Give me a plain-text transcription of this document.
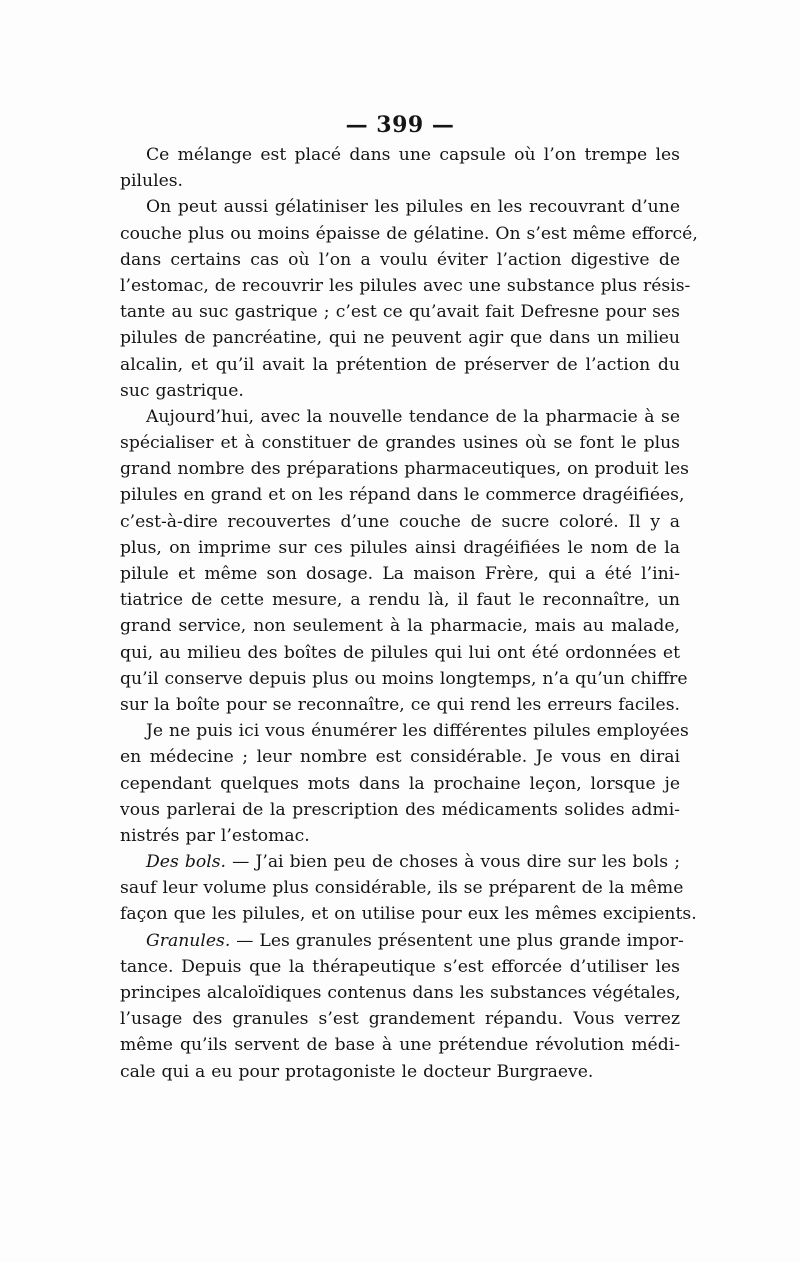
— 399 —
Ce mélange est placé dans une capsule où l’on trempe les
pilules.
On peut aussi gélatiniser les pilules en les recouvrant d’une
couche plus ou moins épaisse de gélatine. On s’est même efforcé,
dans certains cas où l’on a voulu éviter l’action digestive de
l’estomac, de recouvrir les pilules avec une substance plus résis-
tante au suc gastrique ; c’est ce qu’avait fait Defresne pour ses
pilules de pancréatine, qui ne peuvent agir que dans un milieu
alcalin, et qu’il avait la prétention de préserver de l’action du
suc gastrique.
Aujourd’hui, avec la nouvelle tendance de la pharmacie à se
spécialiser et à constituer de grandes usines où se font le plus
grand nombre des préparations pharmaceutiques, on produit les
pilules en grand et on les répand dans le commerce dragéifiées,
c’est-à-dire recouvertes d’une couche de sucre coloré. Il y a
plus, on imprime sur ces pilules ainsi dragéifiées le nom de la
pilule et même son dosage. La maison Frère, qui a été l’ini-
tiatrice de cette mesure, a rendu là, il faut le reconnaître, un
grand service, non seulement à la pharmacie, mais au malade,
qui, au milieu des boîtes de pilules qui lui ont été ordonnées et
qu’il conserve depuis plus ou moins longtemps, n’a qu’un chiffre
sur la boîte pour se reconnaître, ce qui rend les erreurs faciles.
Je ne puis ici vous énumérer les différentes pilules employées
en médecine ; leur nombre est considérable. Je vous en dirai
cependant quelques mots dans la prochaine leçon, lorsque je
vous parlerai de la prescription des médicaments solides admi-
nistrés par l’estomac.
Des bols. — J’ai bien peu de choses à vous dire sur les bols ;
sauf leur volume plus considérable, ils se préparent de la même
façon que les pilules, et on utilise pour eux les mêmes excipients.
Granules. — Les granules présentent une plus grande impor-
tance. Depuis que la thérapeutique s’est efforcée d’utiliser les
principes alcaloïdiques contenus dans les substances végétales,
l’usage des granules s’est grandement répandu. Vous verrez
même qu’ils servent de base à une prétendue révolution médi-
cale qui a eu pour protagoniste le docteur Burgraeve.
